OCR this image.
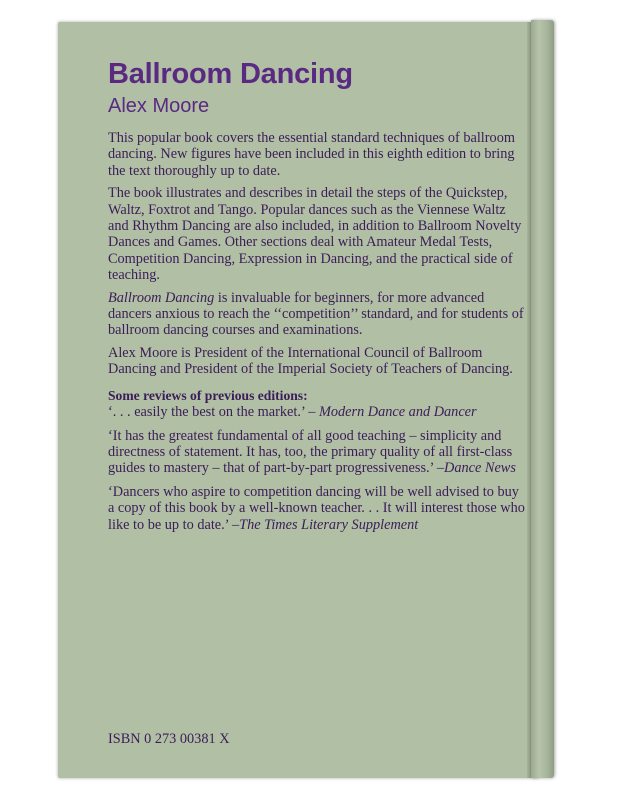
Ballroom Dancing
Alex Moore

This popular book covers the essential standard techniques of ballroom dancing. New figures have been included in this eighth edition to bring the text thoroughly up to date.

The book illustrates and describes in detail the steps of the Quickstep, Waltz, Foxtrot and Tango. Popular dances such as the Viennese Waltz and Rhythm Dancing are also included, in addition to Ballroom Novelty Dances and Games. Other sections deal with Amateur Medal Tests, Competition Dancing, Expression in Dancing, and the practical side of teaching.

Ballroom Dancing is invaluable for beginners, for more advanced dancers anxious to reach the ‘‘competition’’ standard, and for students of ballroom dancing courses and examinations.

Alex Moore is President of the International Council of Ballroom Dancing and President of the Imperial Society of Teachers of Dancing.

Some reviews of previous editions:

‘. . . easily the best on the market.’ – Modern Dance and Dancer

‘It has the greatest fundamental of all good teaching – simplicity and directness of statement. It has, too, the primary quality of all first-class guides to mastery – that of part-by-part progressiveness.’ –Dance News

‘Dancers who aspire to competition dancing will be well advised to buy a copy of this book by a well-known teacher. . . It will interest those who like to be up to date.’ –The Times Literary Supplement

ISBN 0 273 00381 X
